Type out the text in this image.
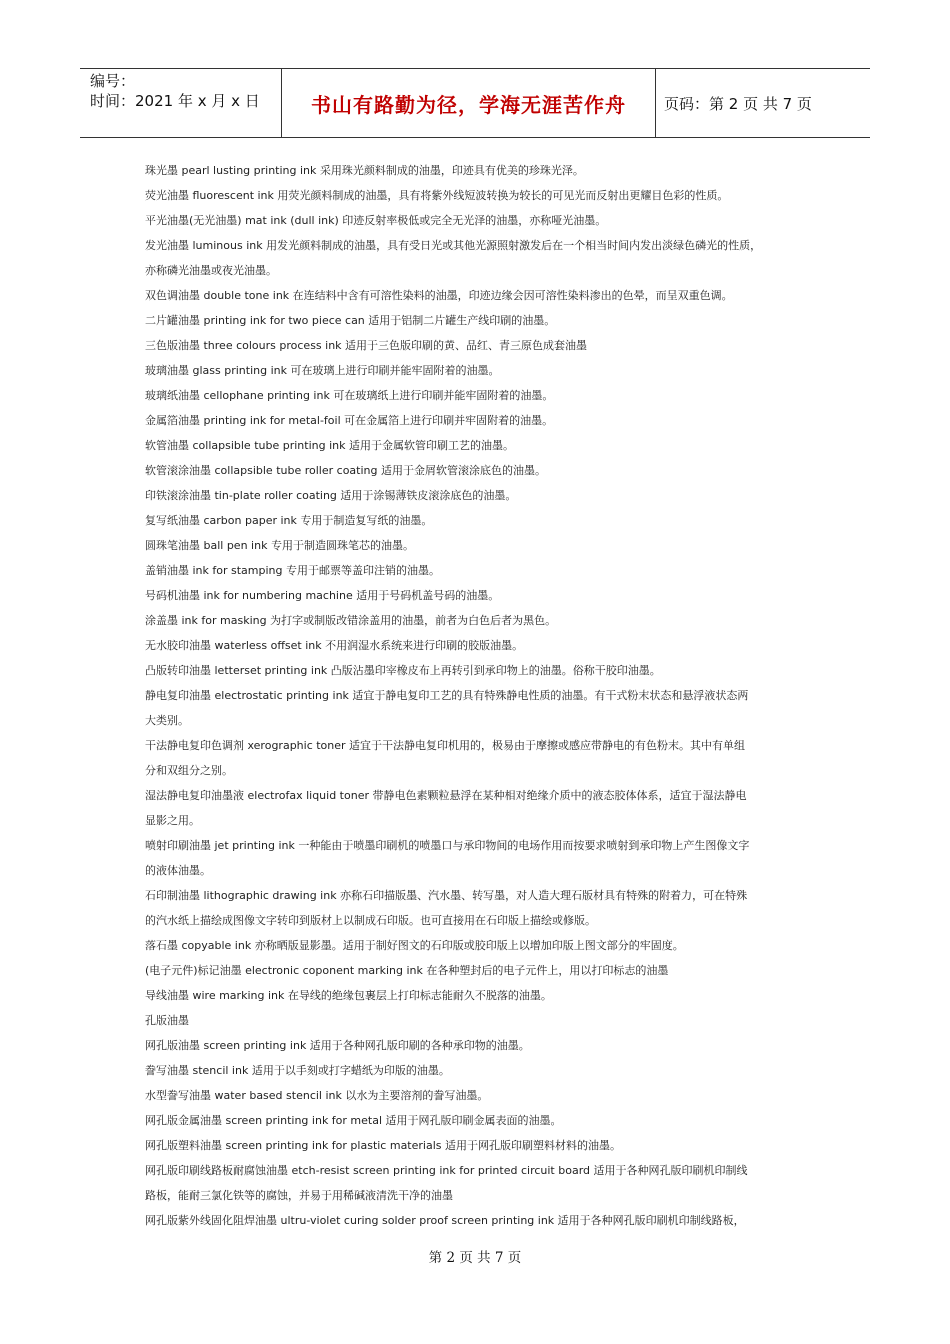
编号：
时间：2021 年 x 月 x 日	书山有路勤为径，学海无涯苦作舟	页码：第 2 页 共 7 页
珠光墨 pearl lusting printing ink 采用珠光颜料制成的油墨，印迹具有优美的珍珠光泽。
荧光油墨 fluorescent ink 用荧光颜料制成的油墨，具有将紫外线短波转换为较长的可见光而反射出更耀目色彩的性质。
平光油墨(无光油墨) mat ink (dull ink) 印迹反射率极低或完全无光泽的油墨，亦称哑光油墨。
发光油墨 luminous ink 用发光颜料制成的油墨，具有受日光或其他光源照射激发后在一个相当时间内发出淡绿色磷光的性质，
亦称磷光油墨或夜光油墨。
双色调油墨 double tone ink 在连结料中含有可溶性染料的油墨，印迹边缘会因可溶性染料渗出的色晕，而呈双重色调。
二片罐油墨 printing ink for two piece can 适用于铝制二片罐生产线印刷的油墨。
三色版油墨 three colours process ink 适用于三色版印刷的黄、品红、青三原色成套油墨
玻璃油墨 glass printing ink 可在玻璃上进行印刷并能牢固附着的油墨。
玻璃纸油墨 cellophane printing ink 可在玻璃纸上进行印刷并能牢固附着的油墨。
金属箔油墨 printing ink for metal-foil 可在金属箔上进行印刷并牢固附着的油墨。
软管油墨 collapsible tube printing ink 适用于金属软管印刷工艺的油墨。
软管滚涂油墨 collapsible tube roller coating 适用于金屑软管滚涂底色的油墨。
印铁滚涂油墨 tin-plate roller coating 适用于涂锡薄铁皮滚涂底色的油墨。
复写纸油墨 carbon paper ink 专用于制造复写纸的油墨。
圆珠笔油墨 ball pen ink 专用于制造圆珠笔芯的油墨。
盖销油墨 ink for stamping 专用于邮票等盖印注销的油墨。
号码机油墨 ink for numbering machine 适用于号码机盖号码的油墨。
涂盖墨 ink for masking 为打字或制版改错涂盖用的油墨，前者为白色后者为黑色。
无水胶印油墨 waterless offset ink 不用润湿水系统来进行印刷的胶版油墨。
凸版转印油墨 letterset printing ink 凸版沾墨印宰橡皮布上再转引到承印物上的油墨。俗称干胶印油墨。
静电复印油墨 electrostatic printing ink 适宜于静电复印工艺的具有特殊静电性质的油墨。有干式粉末状态和悬浮液状态两
大类别。
干法静电复印色调剂 xerographic toner 适宜于干法静电复印机用的，极易由于摩擦或感应带静电的有色粉末。其中有单组
分和双组分之别。
湿法静电复印油墨液 electrofax liquid toner 带静电色素颗粒悬浮在某种相对绝缘介质中的液态胶体体系，适宜于湿法静电
显影之用。
喷射印刷油墨 jet printing ink 一种能由于喷墨印刷机的喷墨口与承印物间的电场作用而按要求喷射到承印物上产生图像文字
的液体油墨。
石印制油墨 lithographic drawing ink 亦称石印描版墨、汽水墨、转写墨，对人造大理石版材具有特殊的附着力，可在特殊
的汽水纸上描绘成图像文字转印到版材上以制成石印版。也可直接用在石印版上描绘或修版。
落石墨 copyable ink 亦称晒版显影墨。适用于制好图文的石印版或胶印版上以增加印版上图文部分的牢固度。
(电子元件)标记油墨 electronic coponent marking ink 在各种塑封后的电子元件上，用以打印标志的油墨
导线油墨 wire marking ink 在导线的绝缘包裹层上打印标志能耐久不脱落的油墨。
孔版油墨
网孔版油墨 screen printing ink 适用于各种网孔版印刷的各种承印物的油墨。
誊写油墨 stencil ink 适用于以手刻或打字蜡纸为印版的油墨。
水型誊写油墨 water based stencil ink 以水为主要溶剂的誊写油墨。
网孔版金属油墨 screen printing ink for metal 适用于网孔版印刷金属表面的油墨。
网孔版塑料油墨 screen printing ink for plastic materials 适用于网孔版印刷塑料材料的油墨。
网孔版印刷线路板耐腐蚀油墨 etch-resist screen printing ink for printed circuit board 适用于各种网孔版印刷机印制线
路板，能耐三氯化铁等的腐蚀，并易于用稀碱液清洗干净的油墨
网孔版紫外线固化阻焊油墨 ultru-violet curing solder proof screen printing ink 适用于各种网孔版印刷机印制线路板，
第 2 页 共 7 页
